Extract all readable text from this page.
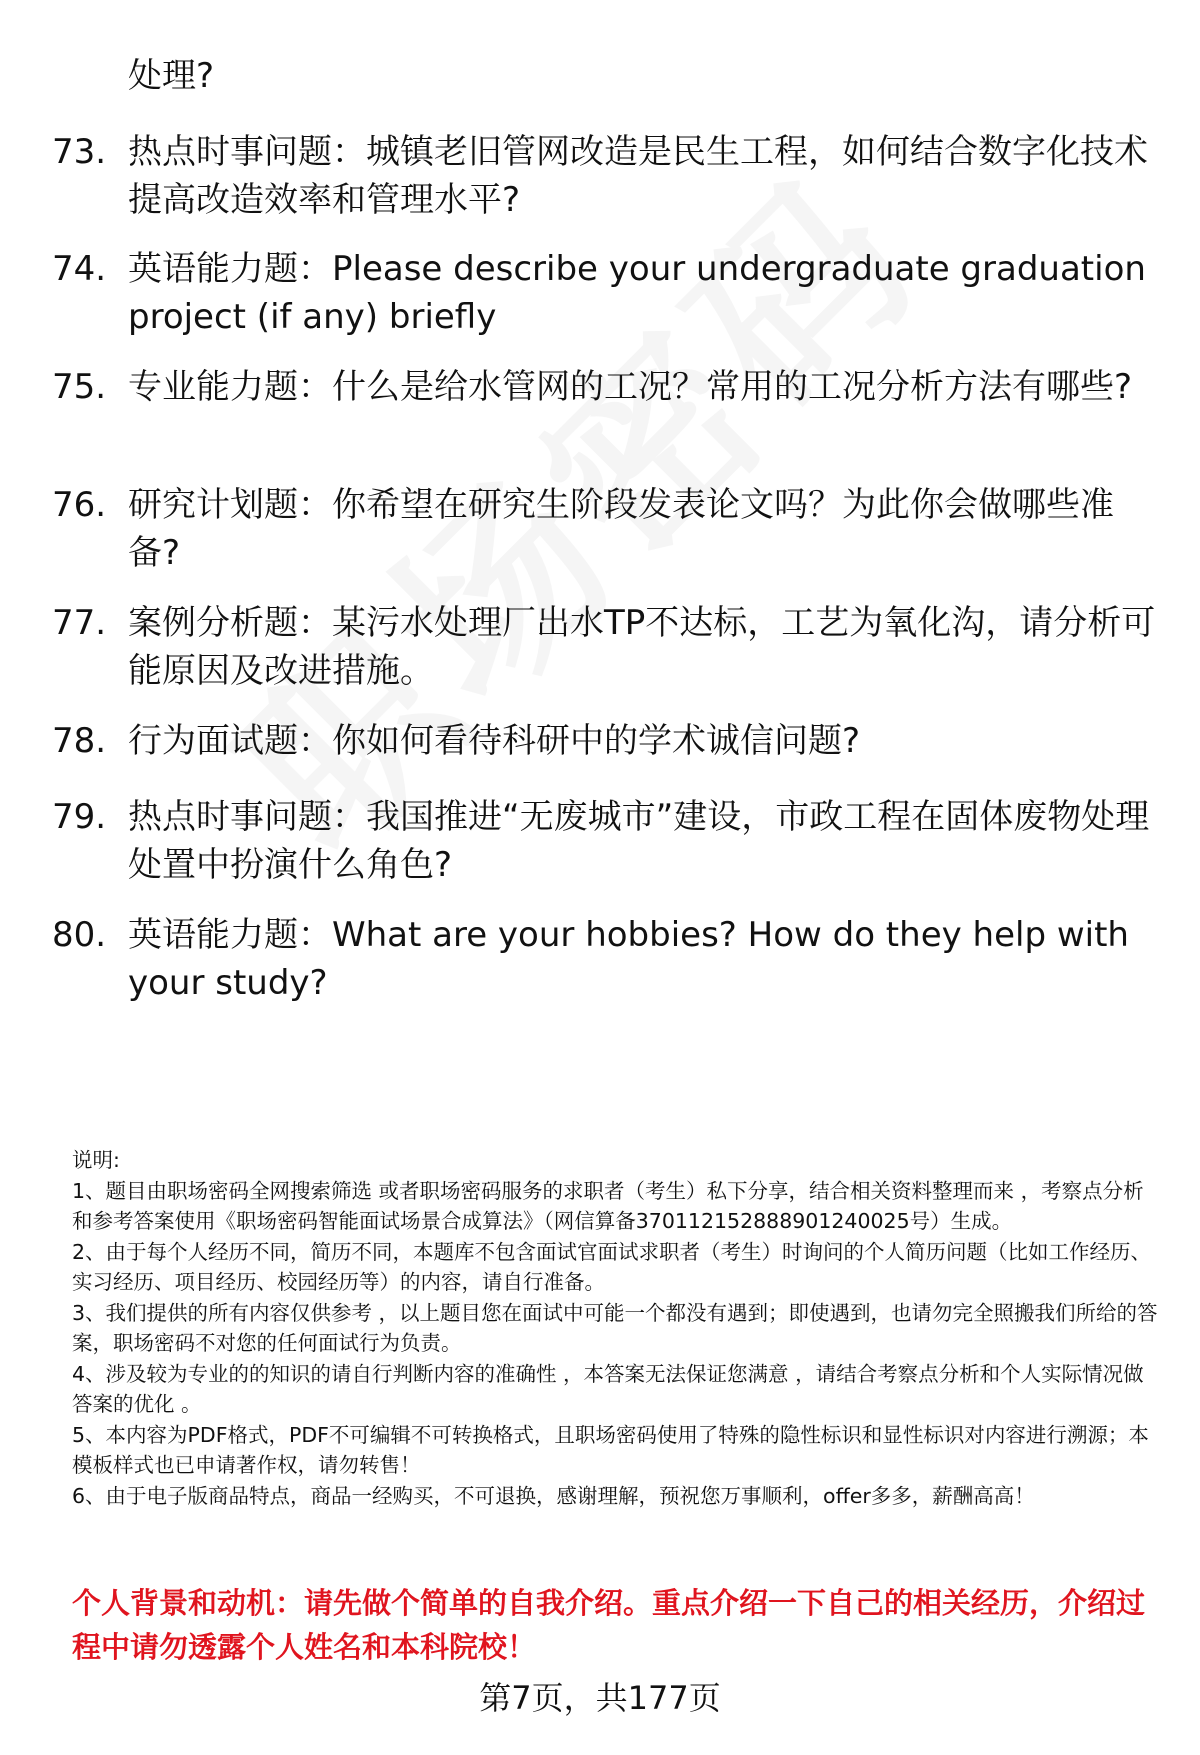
处理?
73. 热点时事问题：城镇老旧管网改造是民生工程，如何结合数字化技术提高改造效率和管理水平?
74. 英语能力题：Please describe your undergraduate graduation project (if any) briefly
75. 专业能力题：什么是给水管网的工况？常用的工况分析方法有哪些?
76. 研究计划题：你希望在研究生阶段发表论文吗？为此你会做哪些准备?
77. 案例分析题：某污水处理厂出水TP不达标，工艺为氧化沟，请分析可能原因及改进措施。
78. 行为面试题：你如何看待科研中的学术诚信问题?
79. 热点时事问题：我国推进“无废城市”建设，市政工程在固体废物处理处置中扮演什么角色?
80. 英语能力题：What are your hobbies? How do they help with your study?
说明:
1、题目由职场密码全网搜索筛选 或者职场密码服务的求职者（考生）私下分享，结合相关资料整理而来 ，考察点分析和参考答案使用《职场密码智能面试场景合成算法》（网信算备370112152888901240025号）生成。
2、由于每个人经历不同，简历不同，本题库不包含面试官面试求职者（考生）时询问的个人简历问题（比如工作经历、实习经历、项目经历、校园经历等）的内容，请自行准备。
3、我们提供的所有内容仅供参考 ，以上题目您在面试中可能一个都没有遇到；即使遇到，也请勿完全照搬我们所给的答案，职场密码不对您的任何面试行为负责。
4、涉及较为专业的的知识的请自行判断内容的准确性 ，本答案无法保证您满意 ，请结合考察点分析和个人实际情况做答案的优化 。
5、本内容为PDF格式，PDF不可编辑不可转换格式，且职场密码使用了特殊的隐性标识和显性标识对内容进行溯源；本模板样式也已申请著作权，请勿转售！
6、由于电子版商品特点，商品一经购买，不可退换，感谢理解，预祝您万事顺利，offer多多，薪酬高高！
个人背景和动机：请先做个简单的自我介绍。重点介绍一下自己的相关经历，介绍过程中请勿透露个人姓名和本科院校！
第7页，共177页
